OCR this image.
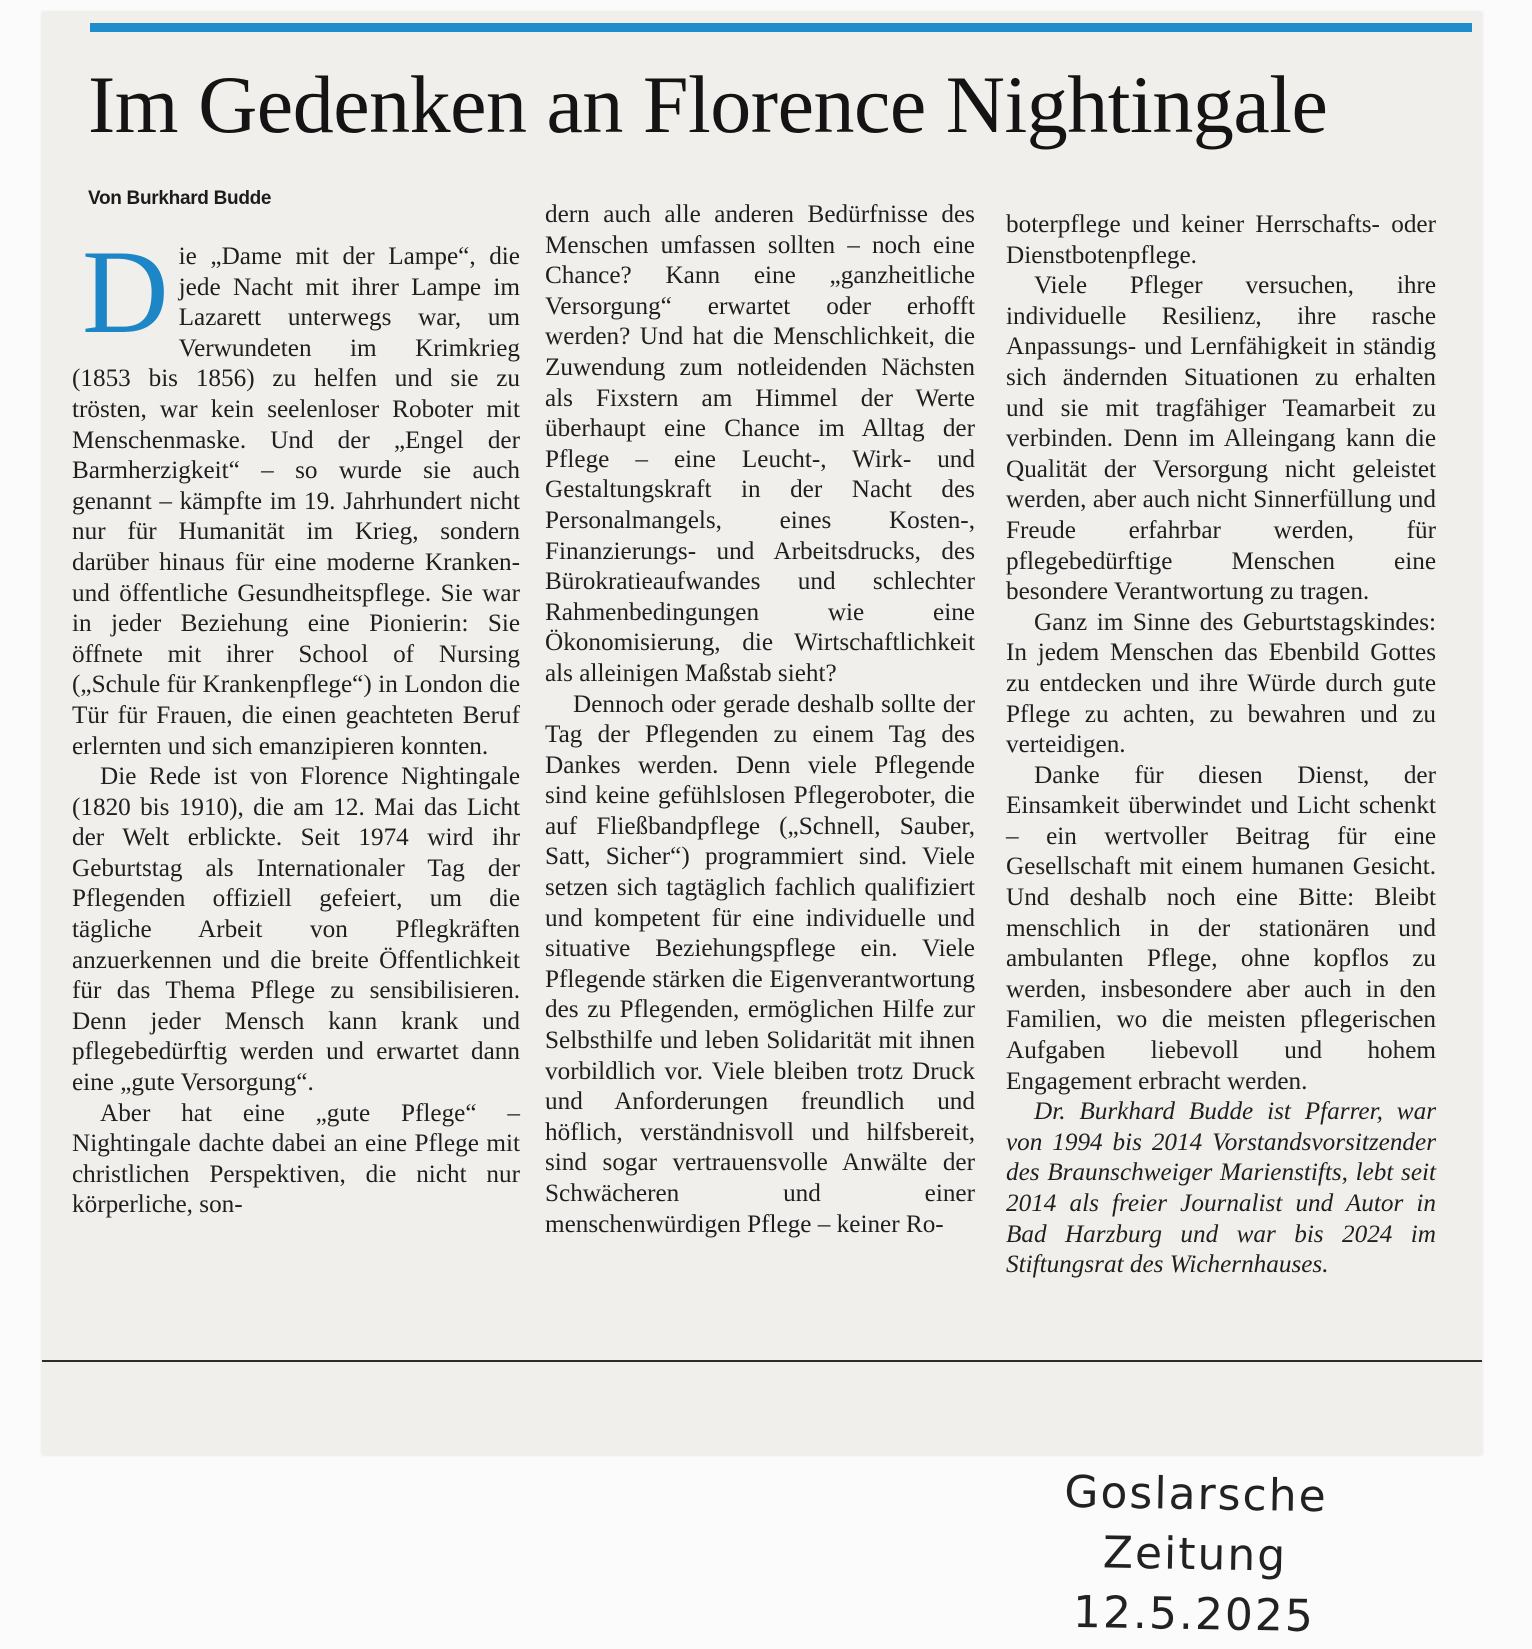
Im Gedenken an Florence Nightingale
Von Burkhard Budde

Die „Dame mit der Lampe“, die jede Nacht mit ihrer Lampe im Lazarett unterwegs war, um Verwundeten im Krimkrieg (1853 bis 1856) zu helfen und sie zu trösten, war kein seelenloser Roboter mit Menschenmaske. Und der „Engel der Barmherzigkeit“ – so wurde sie auch genannt – kämpfte im 19. Jahrhundert nicht nur für Humanität im Krieg, sondern darüber hinaus für eine moderne Kranken- und öffentliche Gesundheitspflege. Sie war in jeder Beziehung eine Pionierin: Sie öffnete mit ihrer School of Nursing („Schule für Krankenpflege“) in London die Tür für Frauen, die einen geachteten Beruf erlernten und sich emanzipieren konnten.

Die Rede ist von Florence Nightingale (1820 bis 1910), die am 12. Mai das Licht der Welt erblickte. Seit 1974 wird ihr Geburtstag als Internationaler Tag der Pflegenden offiziell gefeiert, um die tägliche Arbeit von Pflegkräften anzuerkennen und die breite Öffentlichkeit für das Thema Pflege zu sensibilisieren. Denn jeder Mensch kann krank und pflegebedürftig werden und erwartet dann eine „gute Versorgung“.

Aber hat eine „gute Pflege“ – Nightingale dachte dabei an eine Pflege mit christlichen Perspektiven, die nicht nur körperliche, son-

dern auch alle anderen Bedürfnisse des Menschen umfassen sollten – noch eine Chance? Kann eine „ganzheitliche Versorgung“ erwartet oder erhofft werden? Und hat die Menschlichkeit, die Zuwendung zum notleidenden Nächsten als Fixstern am Himmel der Werte überhaupt eine Chance im Alltag der Pflege – eine Leucht-, Wirk- und Gestaltungskraft in der Nacht des Personalmangels, eines Kosten-, Finanzierungs- und Arbeitsdrucks, des Bürokratieaufwandes und schlechter Rahmenbedingungen wie eine Ökonomisierung, die Wirtschaftlichkeit als alleinigen Maßstab sieht?

Dennoch oder gerade deshalb sollte der Tag der Pflegenden zu einem Tag des Dankes werden. Denn viele Pflegende sind keine gefühlslosen Pflegeroboter, die auf Fließbandpflege („Schnell, Sauber, Satt, Sicher“) programmiert sind. Viele setzen sich tagtäglich fachlich qualifiziert und kompetent für eine individuelle und situative Beziehungspflege ein. Viele Pflegende stärken die Eigenverantwortung des zu Pflegenden, ermöglichen Hilfe zur Selbsthilfe und leben Solidarität mit ihnen vorbildlich vor. Viele bleiben trotz Druck und Anforderungen freundlich und höflich, verständnisvoll und hilfsbereit, sind sogar vertrauensvolle Anwälte der Schwächeren und einer menschenwürdigen Pflege – keiner Ro-

boterpflege und keiner Herrschafts- oder Dienstbotenpflege.

Viele Pfleger versuchen, ihre individuelle Resilienz, ihre rasche Anpassungs- und Lernfähigkeit in ständig sich ändernden Situationen zu erhalten und sie mit tragfähiger Teamarbeit zu verbinden. Denn im Alleingang kann die Qualität der Versorgung nicht geleistet werden, aber auch nicht Sinnerfüllung und Freude erfahrbar werden, für pflegebedürftige Menschen eine besondere Verantwortung zu tragen.

Ganz im Sinne des Geburtstagskindes: In jedem Menschen das Ebenbild Gottes zu entdecken und ihre Würde durch gute Pflege zu achten, zu bewahren und zu verteidigen.

Danke für diesen Dienst, der Einsamkeit überwindet und Licht schenkt – ein wertvoller Beitrag für eine Gesellschaft mit einem humanen Gesicht. Und deshalb noch eine Bitte: Bleibt menschlich in der stationären und ambulanten Pflege, ohne kopflos zu werden, insbesondere aber auch in den Familien, wo die meisten pflegerischen Aufgaben liebevoll und hohem Engagement erbracht werden.

Dr. Burkhard Budde ist Pfarrer, war von 1994 bis 2014 Vorstandsvorsitzender des Braunschweiger Marienstifts, lebt seit 2014 als freier Journalist und Autor in Bad Harzburg und war bis 2024 im Stiftungsrat des Wichernhauses.

Goslarsche Zeitung
12.5.2025
